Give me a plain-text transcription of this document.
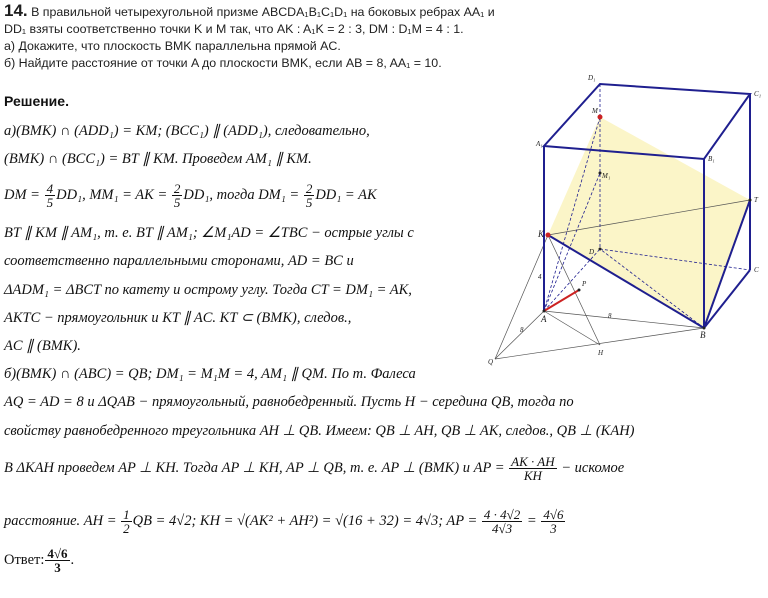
14. В правильной четырехугольной призме ABCDA₁B₁C₁D₁ на боковых ребрах AA₁ и
DD₁ взяты соответственно точки K и M так, что AK : A₁K = 2 : 3, DM : D₁M = 4 : 1.
а) Докажите, что плоскость BMK параллельна прямой AC.
б) Найдите расстояние от точки A до плоскости BMK, если AB = 8, AA₁ = 10.
Решение.
а)(BMK) ∩ (ADD₁) = KM; (BCC₁) ∥ (ADD₁), следовательно,
(BMK) ∩ (BCC₁) = BT ∥ KM. Проведем AM₁ ∥ KM.
DM = $\frac{4}{5} DD_1$, MM₁ = AK = $\frac{2}{5} DD_1$, тогда $DM_1 = \frac{2}{5} DD_1$ = AK
BT ∥ KM ∥ AM₁, т. е. BT ∥ AM₁; ∠M₁AD = ∠TBC − острые углы с
соответственно параллельными сторонами, AD = BC и
ΔADM₁ = ΔBCT по катету и острому углу. Тогда CT = DM₁ = AK,
AKTC − прямоугольник и KT ∥ AC. KT ⊂ (BMK), следов.,
AC ∥ (BMK).
б)(BMK) ∩ (ABC) = QB; DM₁ = M₁M = 4, AM₁ ∥ QM. По т. Фалеса
AQ = AD = 8 и ΔQAB − прямоугольный, равнобедренный. Пусть H − середина QB, тогда по
свойству равнобедренного треугольника AH ⊥ QB. Имеем: QB ⊥ AH, QB ⊥ AK, следов., QB ⊥ (KAH)
В ΔKAH проведем AP ⊥ KH. Тогда AP ⊥ KH, AP ⊥ QB, т. е. AP ⊥ (BMK) и AP = $\frac{AK \cdot AH}{KH}$ − искомое
расстояние. AH = $\frac{1}{2}$ QB = 4√2; KH = √(AK² + AH²) = √(16 + 32) = 4√3; AP = $\frac{4 \cdot 4√2}{4√3} = \frac{4√6}{3}$
Ответ: $\frac{4√6}{3}$ .
D₁
C₁
A₁
B₁
M
M₁
T
K
D
C
P
A
B
H
Q
4
8
8
